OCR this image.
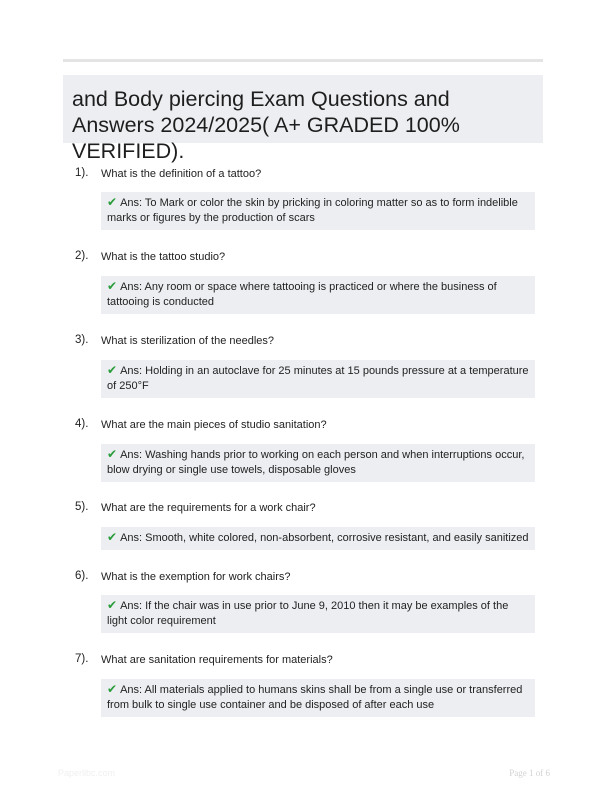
and Body piercing Exam Questions and Answers 2024/2025( A+ GRADED 100% VERIFIED).
1). What is the definition of a tattoo?
✔ Ans: To Mark or color the skin by pricking in coloring matter so as to form indelible marks or figures by the production of scars
2). What is the tattoo studio?
✔ Ans: Any room or space where tattooing is practiced or where the business of tattooing is conducted
3). What is sterilization of the needles?
✔ Ans: Holding in an autoclave for 25 minutes at 15 pounds pressure at a temperature of 250°F
4). What are the main pieces of studio sanitation?
✔ Ans: Washing hands prior to working on each person and when interruptions occur, blow drying or single use towels, disposable gloves
5). What are the requirements for a work chair?
✔ Ans: Smooth, white colored, non-absorbent, corrosive resistant, and easily sanitized
6). What is the exemption for work chairs?
✔ Ans: If the chair was in use prior to June 9, 2010 then it may be examples of the light color requirement
7). What are sanitation requirements for materials?
✔ Ans: All materials applied to humans skins shall be from a single use or transferred from bulk to single use container and be disposed of after each use
Paperlibc.com	Page 1 of 6
